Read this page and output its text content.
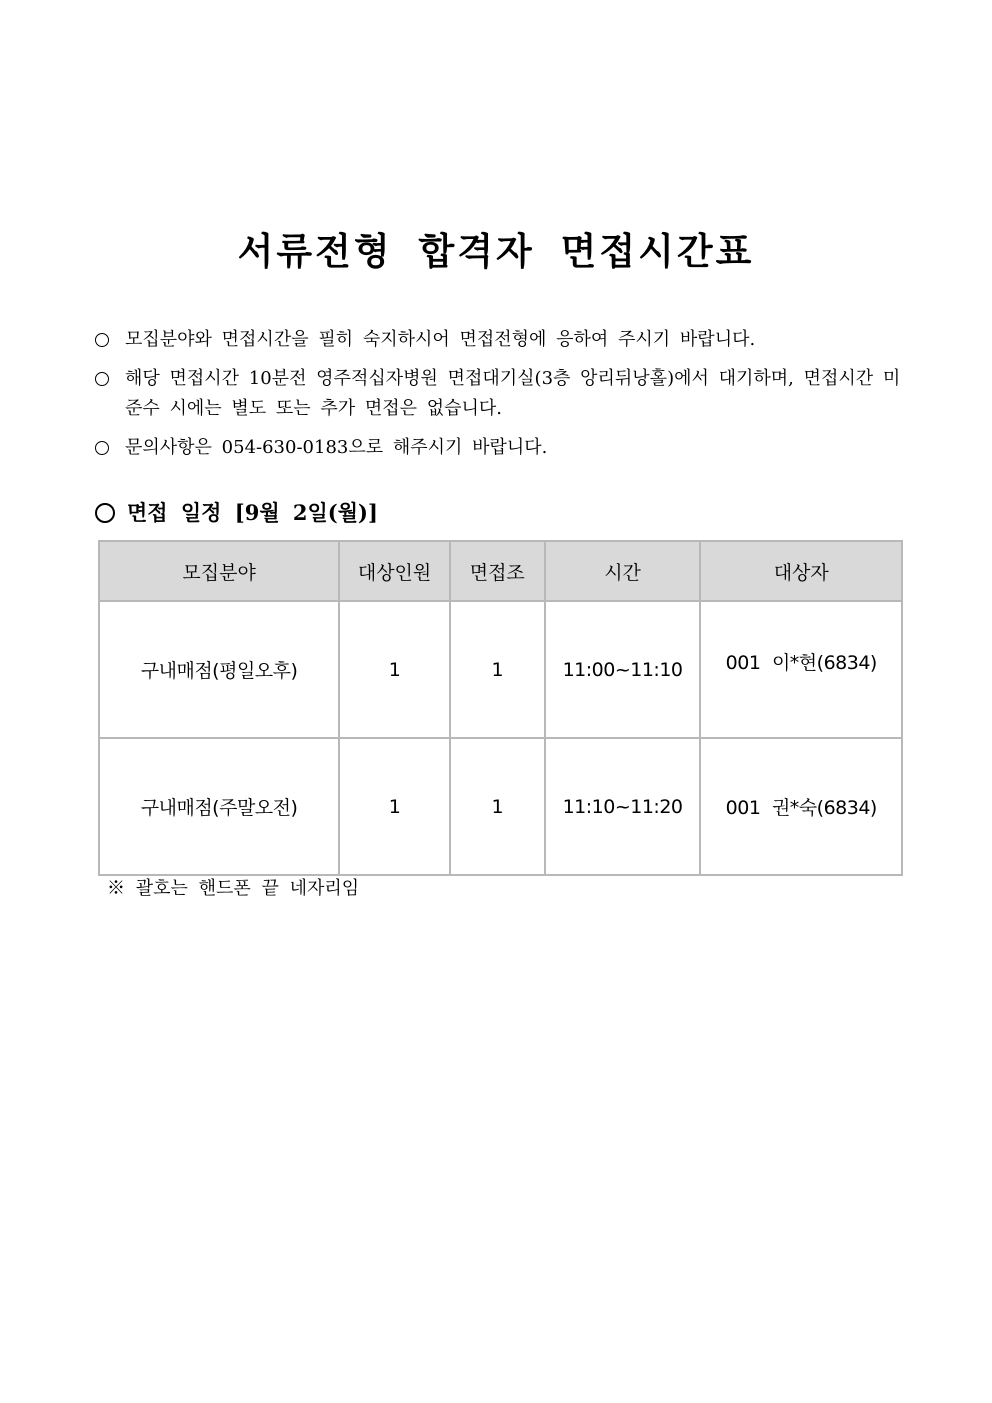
서류전형 합격자 면접시간표
모집분야와 면접시간을 필히 숙지하시어 면접전형에 응하여 주시기 바랍니다.
해당 면접시간 10분전 영주적십자병원 면접대기실(3층 앙리뒤낭홀)에서 대기하며, 면접시간 미준수 시에는 별도 또는 추가 면접은 없습니다.
문의사항은 054-630-0183으로 해주시기 바랍니다.
면접 일정 [9월 2일(월)]
모집분야	대상인원	면접조	시간	대상자
구내매점(평일오후)	1	1	11:00~11:10	001 이*현(6834)
구내매점(주말오전)	1	1	11:10~11:20	001 권*숙(6834)
※ 괄호는 핸드폰 끝 네자리임
